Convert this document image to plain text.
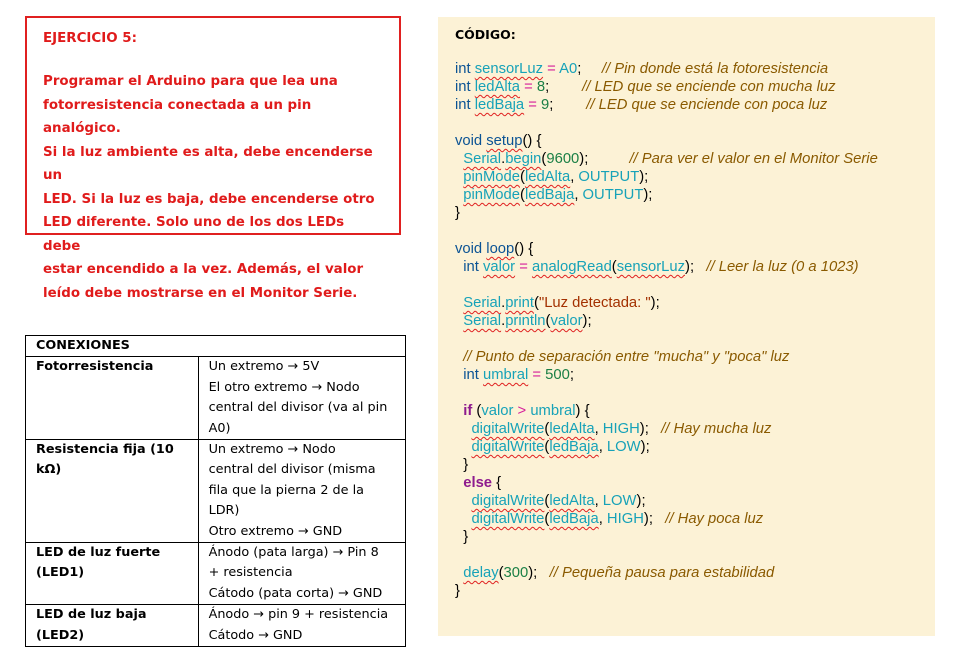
EJERCICIO 5:

Programar el Arduino para que lea una
fotorresistencia conectada a un pin analógico.
Si la luz ambiente es alta, debe encenderse un
LED. Si la luz es baja, debe encenderse otro
LED diferente. Solo uno de los dos LEDs debe
estar encendido a la vez. Además, el valor
leído debe mostrarse en el Monitor Serie.

CONEXIONES	

Fotorresistencia	Un extremo → 5V
El otro extremo → Nodo
central del divisor (va al pin
A0)

Resistencia fija (10
kΩ)	Un extremo → Nodo
central del divisor (misma
fila que la pierna 2 de la
LDR)
Otro extremo → GND

LED de luz fuerte
(LED1)	Ánodo (pata larga) → Pin 8
+ resistencia
Cátodo (pata corta) → GND

LED de luz baja (LED2)	Ánodo → pin 9 + resistencia
Cátodo → GND
CÓDIGO:
int sensorLuz = A0;     // Pin donde está la fotoresistencia
int ledAlta = 8;        // LED que se enciende con mucha luz
int ledBaja = 9;        // LED que se enciende con poca luz
void setup() {
Serial.begin(9600);          // Para ver el valor en el Monitor Serie
pinMode(ledAlta, OUTPUT);
pinMode(ledBaja, OUTPUT);
}
void loop() {
int valor = analogRead(sensorLuz);   // Leer la luz (0 a 1023)
Serial.print("Luz detectada: ");
Serial.println(valor);
// Punto de separación entre "mucha" y "poca" luz
int umbral = 500;
if (valor > umbral) {
digitalWrite(ledAlta, HIGH);   // Hay mucha luz
digitalWrite(ledBaja, LOW);
}
else {
digitalWrite(ledAlta, LOW);
digitalWrite(ledBaja, HIGH);   // Hay poca luz
}
delay(300);   // Pequeña pausa para estabilidad
}
